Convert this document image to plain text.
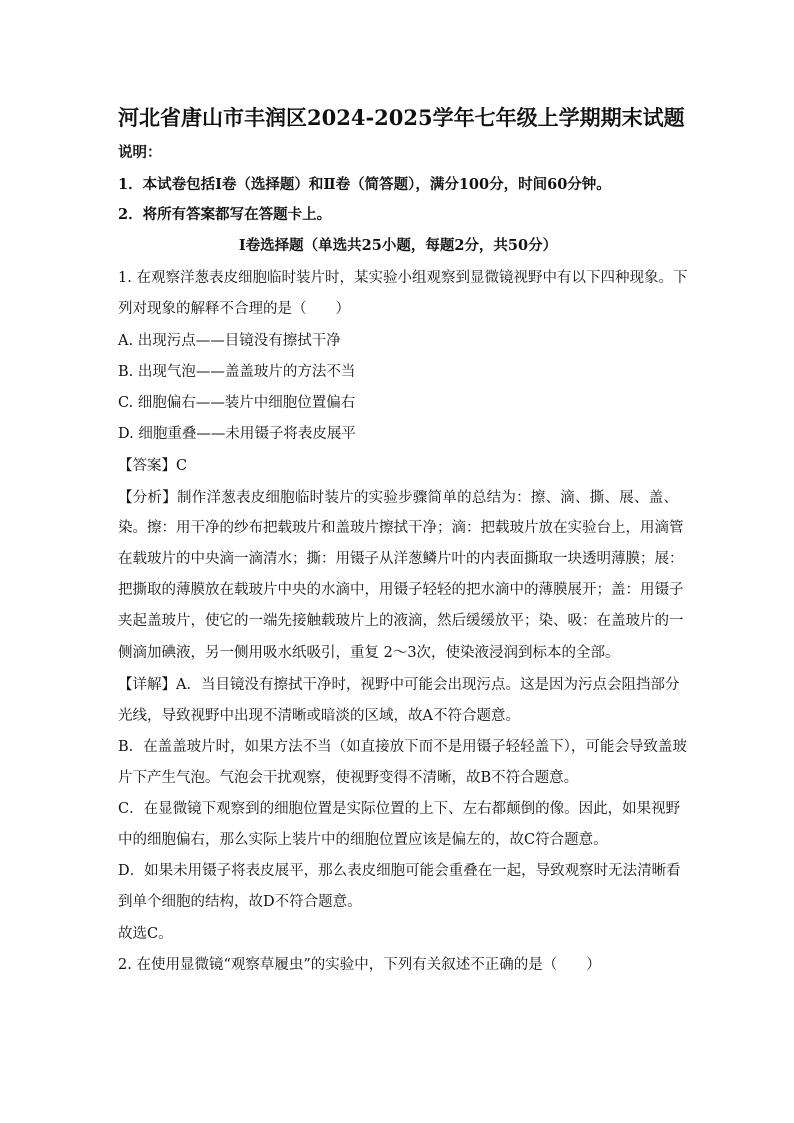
河北省唐山市丰润区2024-2025学年七年级上学期期末试题
说明：
1．本试卷包括Ⅰ卷（选择题）和Ⅱ卷（简答题），满分100分，时间60分钟。
2．将所有答案都写在答题卡上。
Ⅰ卷选择题（单选共25小题，每题2分，共50分）
1. 在观察洋葱表皮细胞临时装片时，某实验小组观察到显微镜视野中有以下四种现象。下
列对现象的解释不合理的是（　　）
A. 出现污点——目镜没有擦拭干净
B. 出现气泡——盖盖玻片的方法不当
C. 细胞偏右——装片中细胞位置偏右
D. 细胞重叠——未用镊子将表皮展平
【答案】C
【分析】制作洋葱表皮细胞临时装片的实验步骤简单的总结为：擦、滴、撕、展、盖、
染。擦：用干净的纱布把载玻片和盖玻片擦拭干净；滴：把载玻片放在实验台上，用滴管
在载玻片的中央滴一滴清水；撕：用镊子从洋葱鳞片叶的内表面撕取一块透明薄膜；展：
把撕取的薄膜放在载玻片中央的水滴中，用镊子轻轻的把水滴中的薄膜展开；盖：用镊子
夹起盖玻片，使它的一端先接触载玻片上的液滴，然后缓缓放平；染、吸：在盖玻片的一
侧滴加碘液，另一侧用吸水纸吸引，重复 2～3次，使染液浸润到标本的全部。
【详解】A．当目镜没有擦拭干净时，视野中可能会出现污点。这是因为污点会阻挡部分
光线，导致视野中出现不清晰或暗淡的区域，故A不符合题意。
B．在盖盖玻片时，如果方法不当（如直接放下而不是用镊子轻轻盖下），可能会导致盖玻
片下产生气泡。气泡会干扰观察，使视野变得不清晰，故B不符合题意。
C．在显微镜下观察到的细胞位置是实际位置的上下、左右都颠倒的像。因此，如果视野
中的细胞偏右，那么实际上装片中的细胞位置应该是偏左的，故C符合题意。
D．如果未用镊子将表皮展平，那么表皮细胞可能会重叠在一起，导致观察时无法清晰看
到单个细胞的结构，故D不符合题意。
故选C。
2. 在使用显微镜“观察草履虫”的实验中，下列有关叙述不正确的是（　　）
